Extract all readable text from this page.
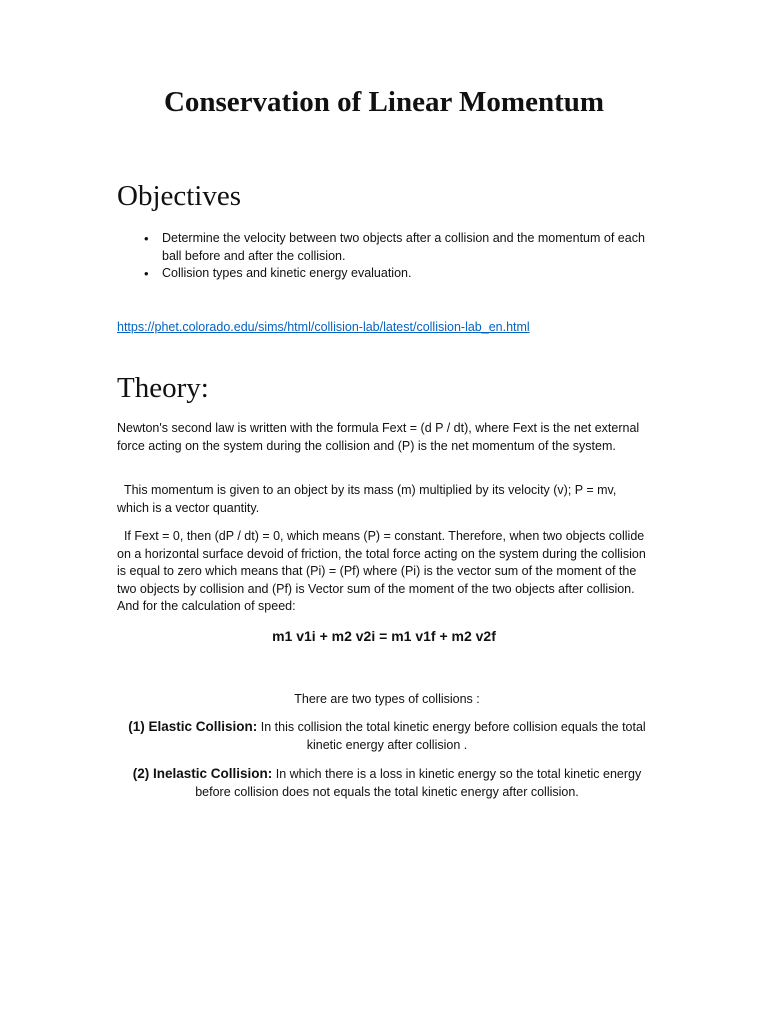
Conservation of Linear Momentum
Objectives
• Determine the velocity between two objects after a collision and the momentum of each ball before and after the collision.
• Collision types and kinetic energy evaluation.
https://phet.colorado.edu/sims/html/collision-lab/latest/collision-lab_en.html
Theory:

Newton's second law is written with the formula Fext = (d P / dt), where Fext is the net external force acting on the system during the collision and (P) is the net momentum of the system.

This momentum is given to an object by its mass (m) multiplied by its velocity (v); P = mv, which is a vector quantity.

If Fext = 0, then (dP / dt) = 0, which means (P) = constant. Therefore, when two objects collide on a horizontal surface devoid of friction, the total force acting on the system during the collision is equal to zero which means that (Pi) = (Pf) where (Pi) is the vector sum of the moment of the two objects by collision and (Pf) is Vector sum of the moment of the two objects after collision. And for the calculation of speed:

m1 v1i + m2 v2i = m1 v1f + m2 v2f

There are two types of collisions :

(1) Elastic Collision: In this collision the total kinetic energy before collision equals the total kinetic energy after collision .

(2) Inelastic Collision: In which there is a loss in kinetic energy so the total kinetic energy before collision does not equals the total kinetic energy after collision.
